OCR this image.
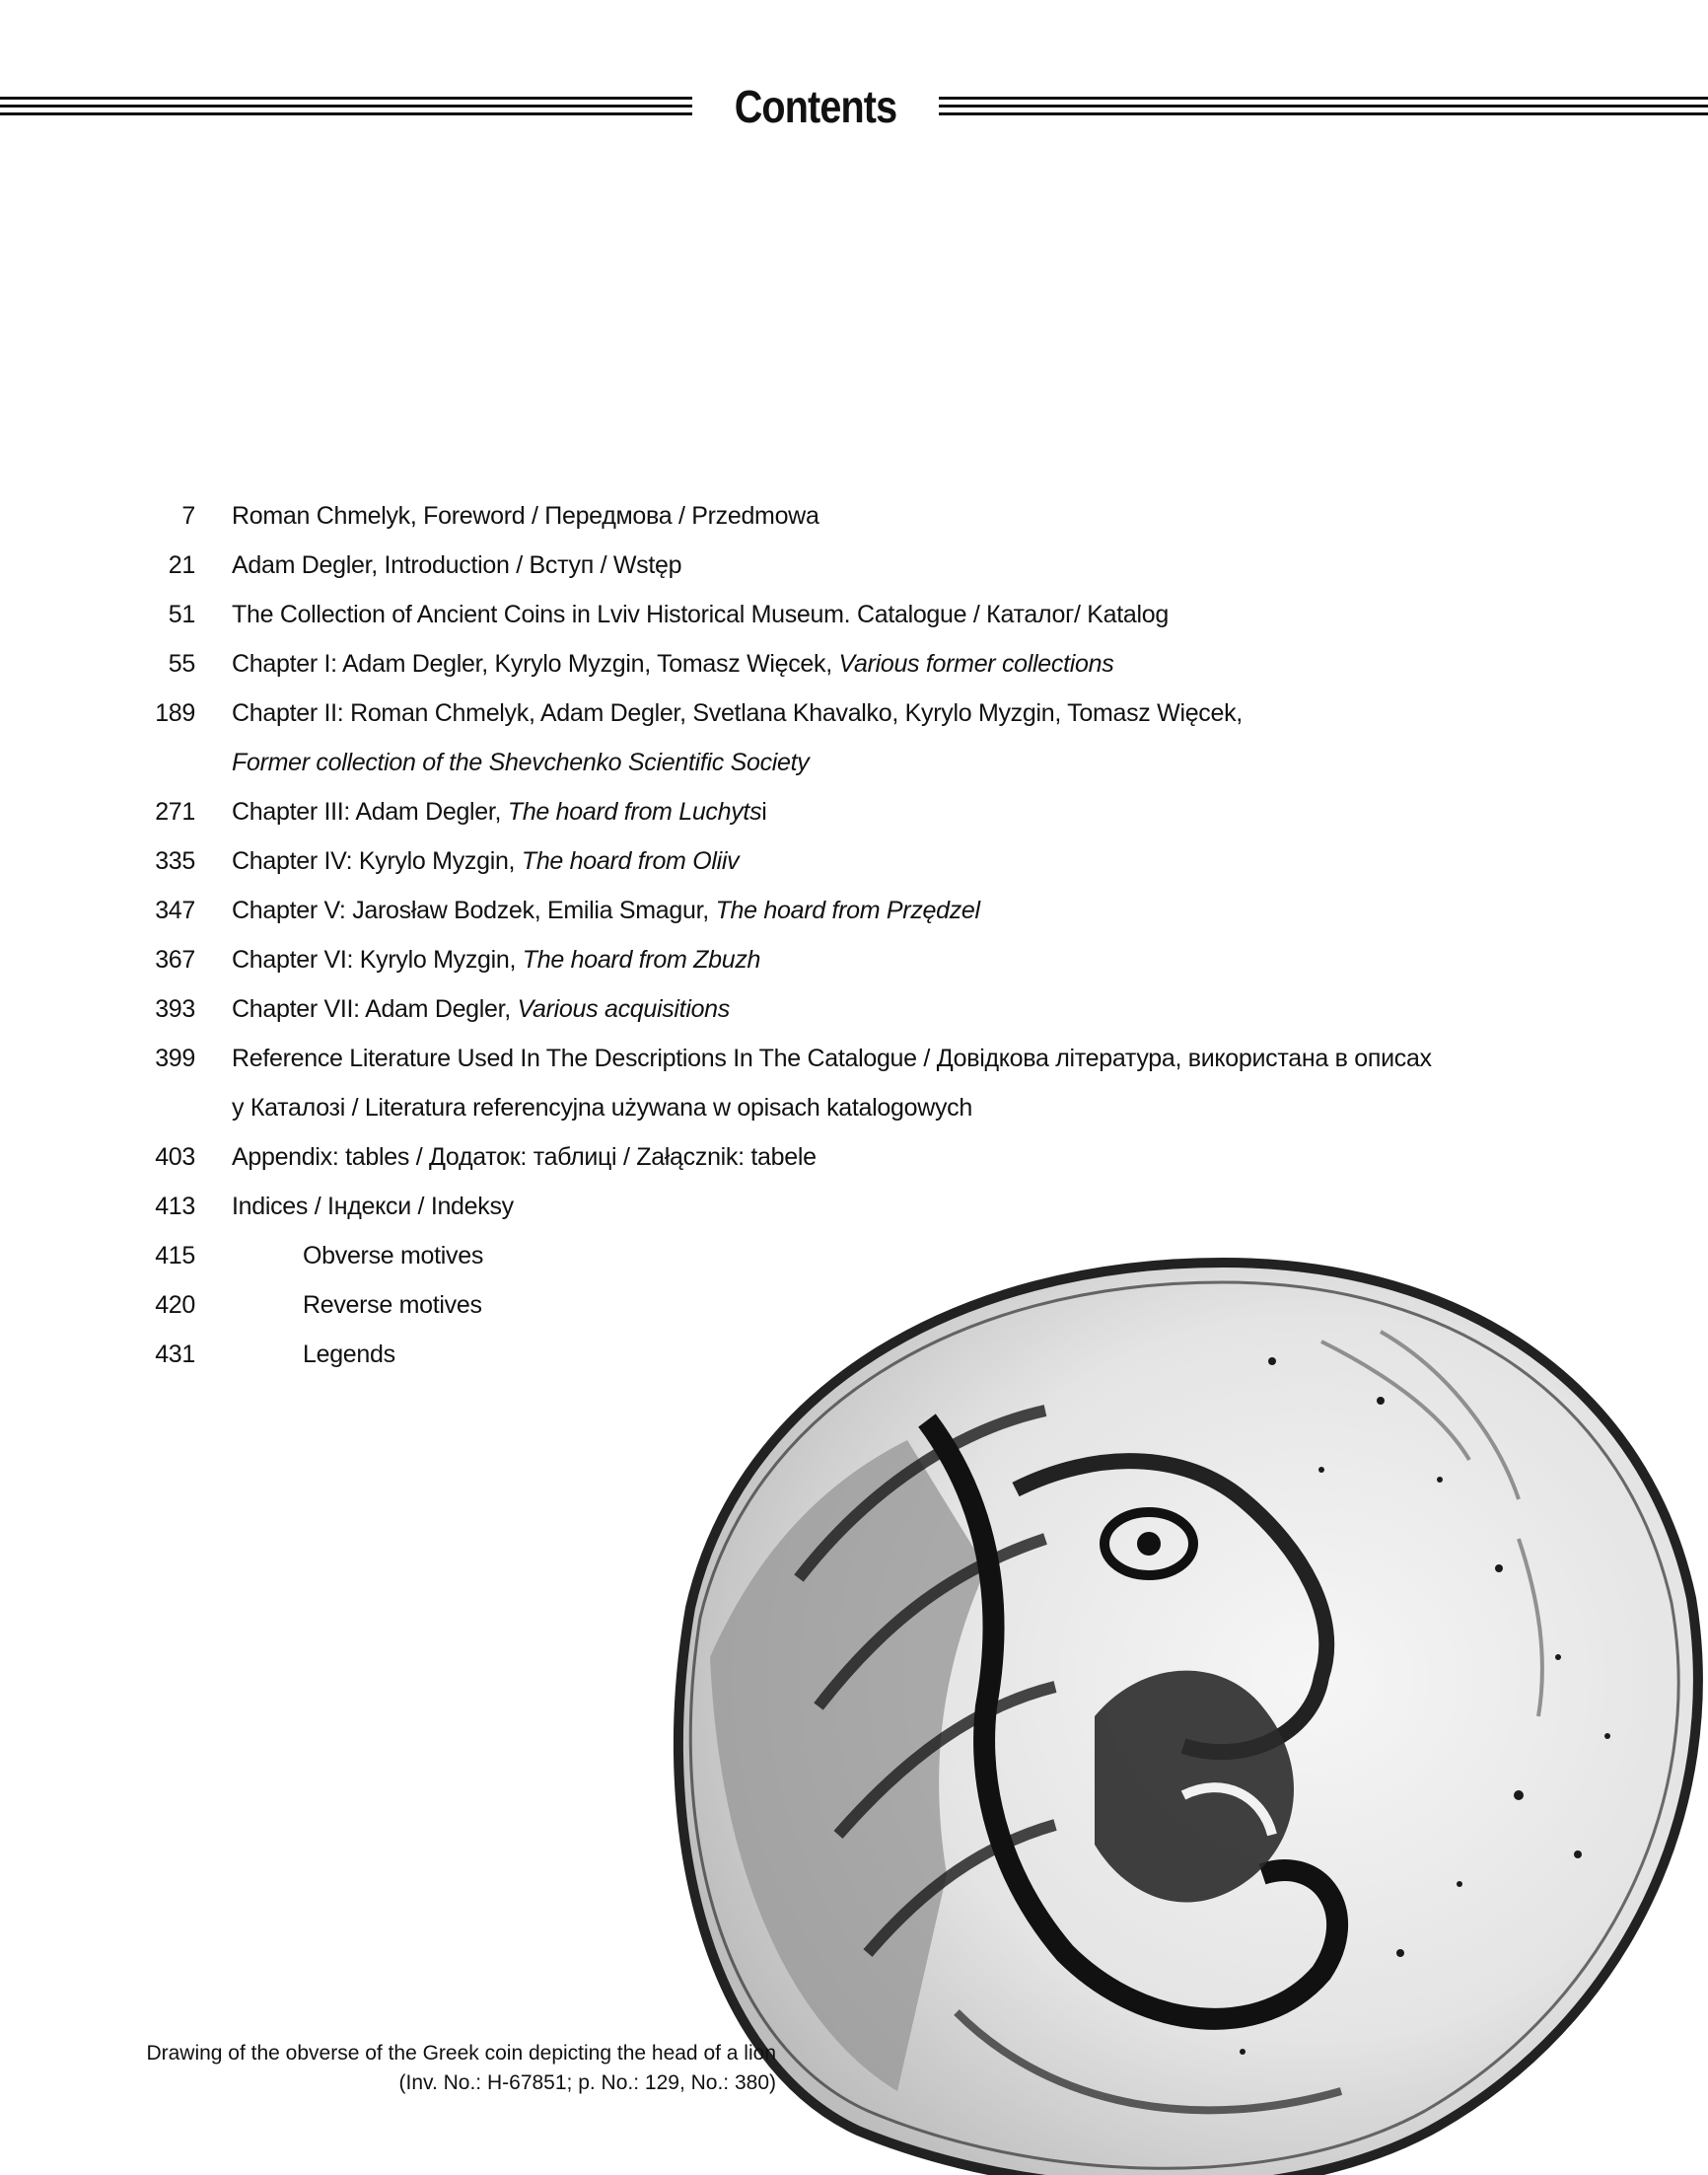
Contents
7 Roman Chmelyk, Foreword / Передмова / Przedmowa
21 Adam Degler, Introduction / Вступ / Wstęp
51 The Collection of Ancient Coins in Lviv Historical Museum. Catalogue / Каталог/ Katalog
55 Chapter I: Adam Degler, Kyrylo Myzgin, Tomasz Więcek, Various former collections
189 Chapter II: Roman Chmelyk, Adam Degler, Svetlana Khavalko, Kyrylo Myzgin, Tomasz Więcek,
Former collection of the Shevchenko Scientific Society
271 Chapter III: Adam Degler, The hoard from Luchytsi
335 Chapter IV: Kyrylo Myzgin, The hoard from Oliiv
347 Chapter V: Jarosław Bodzek, Emilia Smagur, The hoard from Przędzel
367 Chapter VI: Kyrylo Myzgin, The hoard from Zbuzh
393 Chapter VII: Adam Degler, Various acquisitions
399 Reference Literature Used In The Descriptions In The Catalogue / Довідкова література, використана в описах
у Каталозі / Literatura referencyjna używana w opisach katalogowych
403 Appendix: tables / Додаток: таблиці / Załącznik: tabele
413 Indices / Індекси / Indeksy
415	Obverse motives
420	Reverse motives
431	Legends
Drawing of the obverse of the Greek coin depicting the head of a lion
(Inv. No.: H-67851; p. No.: 129, No.: 380)
